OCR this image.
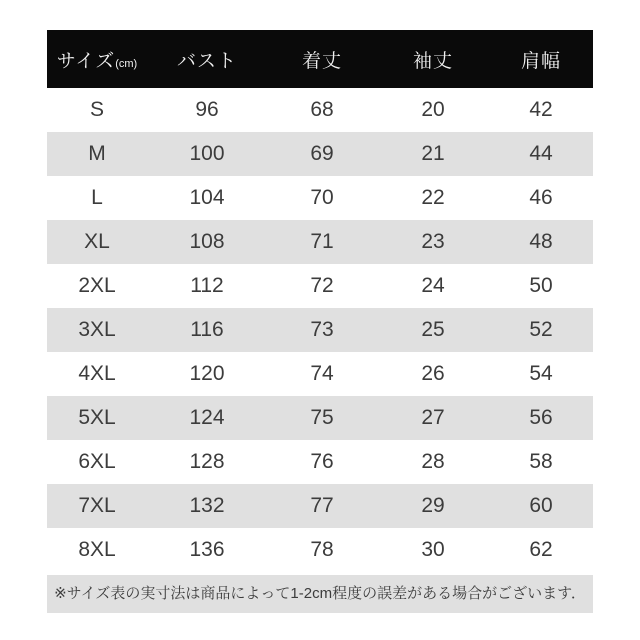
サイズ(cm)	バスト	着丈	袖丈	肩幅
S	96	68	20	42
M	100	69	21	44
L	104	70	22	46
XL	108	71	23	48
2XL	112	72	24	50
3XL	116	73	25	52
4XL	120	74	26	54
5XL	124	75	27	56
6XL	128	76	28	58
7XL	132	77	29	60
8XL	136	78	30	62
※サイズ表の実寸法は商品によって1-2cm程度の誤差がある場合がございます．
